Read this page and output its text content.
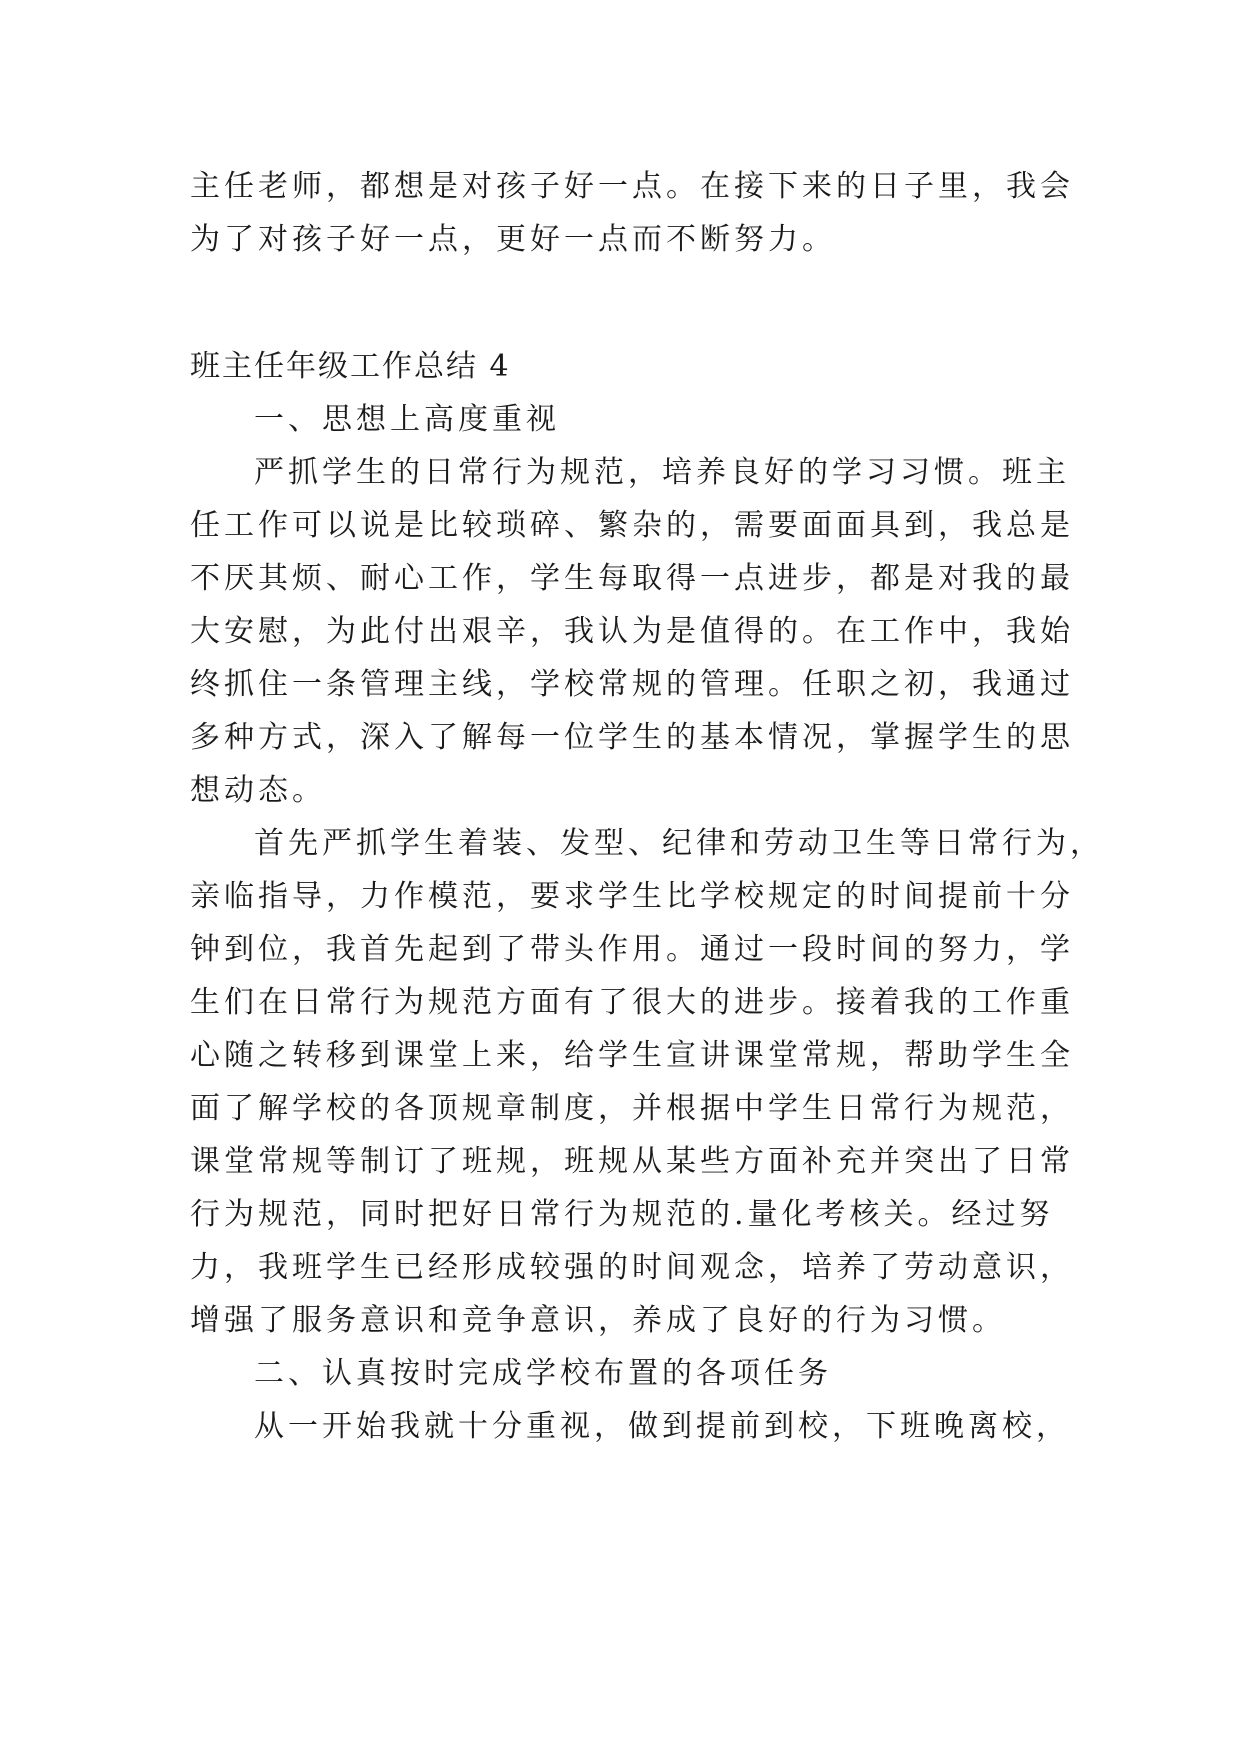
主任老师，都想是对孩子好一点。在接下来的日子里，我会
为了对孩子好一点，更好一点而不断努力。
班主任年级工作总结 4
一、思想上高度重视
严抓学生的日常行为规范，培养良好的学习习惯。班主
任工作可以说是比较琐碎、繁杂的，需要面面具到，我总是
不厌其烦、耐心工作，学生每取得一点进步，都是对我的最
大安慰，为此付出艰辛，我认为是值得的。在工作中，我始
终抓住一条管理主线，学校常规的管理。任职之初，我通过
多种方式，深入了解每一位学生的基本情况，掌握学生的思
想动态。
首先严抓学生着装、发型、纪律和劳动卫生等日常行为，
亲临指导，力作模范，要求学生比学校规定的时间提前十分
钟到位，我首先起到了带头作用。通过一段时间的努力，学
生们在日常行为规范方面有了很大的进步。接着我的工作重
心随之转移到课堂上来，给学生宣讲课堂常规，帮助学生全
面了解学校的各顶规章制度，并根据中学生日常行为规范，
课堂常规等制订了班规，班规从某些方面补充并突出了日常
行为规范，同时把好日常行为规范的.量化考核关。经过努
力，我班学生已经形成较强的时间观念，培养了劳动意识，
增强了服务意识和竞争意识，养成了良好的行为习惯。
二、认真按时完成学校布置的各项任务
从一开始我就十分重视，做到提前到校，下班晚离校，
